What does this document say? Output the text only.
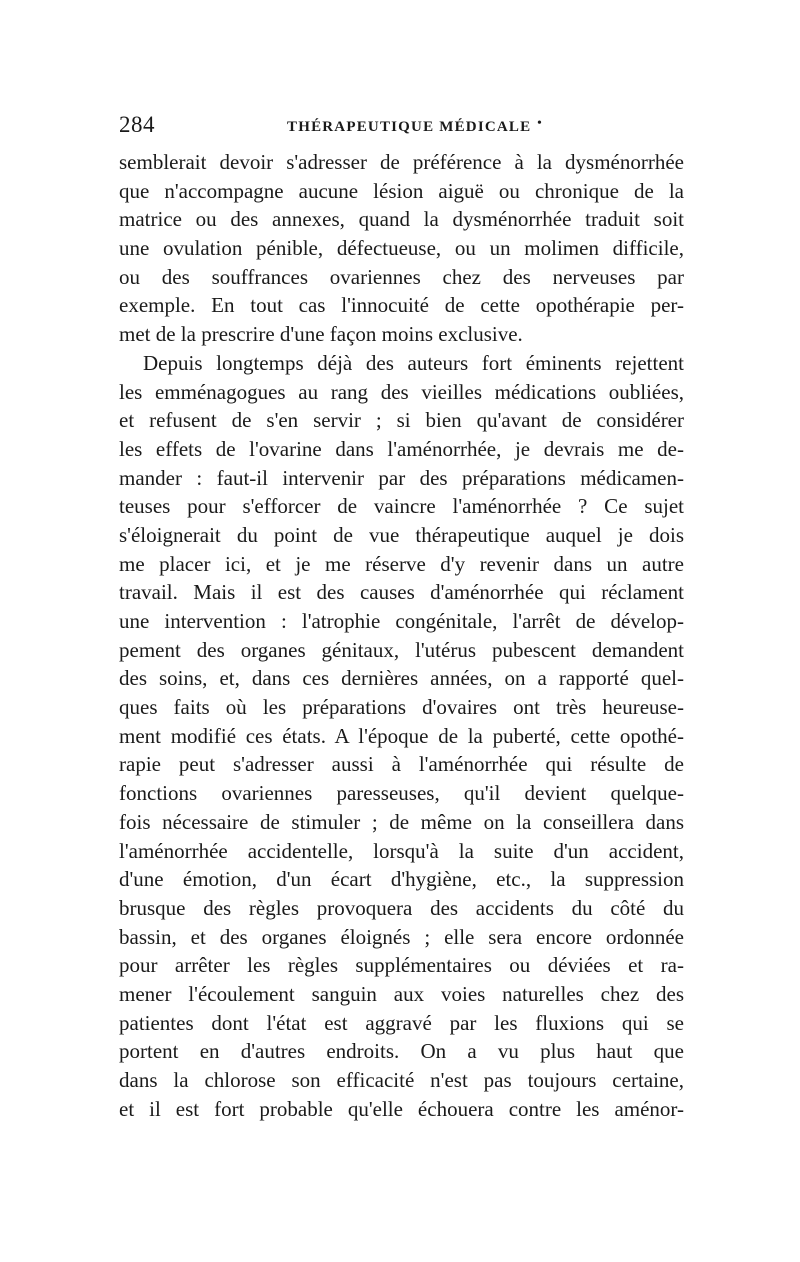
284	THÉRAPEUTIQUE MÉDICALE •
semblerait devoir s'adresser de préférence à la dysménorrhée
que n'accompagne aucune lésion aiguë ou chronique de la
matrice ou des annexes, quand la dysménorrhée traduit soit
une ovulation pénible, défectueuse, ou un molimen difficile,
ou des souffrances ovariennes chez des nerveuses par
exemple. En tout cas l'innocuité de cette opothérapie per-
met de la prescrire d'une façon moins exclusive.
Depuis longtemps déjà des auteurs fort éminents rejettent
les emménagogues au rang des vieilles médications oubliées,
et refusent de s'en servir ; si bien qu'avant de considérer
les effets de l'ovarine dans l'aménorrhée, je devrais me de-
mander : faut-il intervenir par des préparations médicamen-
teuses pour s'efforcer de vaincre l'aménorrhée ? Ce sujet
s'éloignerait du point de vue thérapeutique auquel je dois
me placer ici, et je me réserve d'y revenir dans un autre
travail. Mais il est des causes d'aménorrhée qui réclament
une intervention : l'atrophie congénitale, l'arrêt de dévelop-
pement des organes génitaux, l'utérus pubescent demandent
des soins, et, dans ces dernières années, on a rapporté quel-
ques faits où les préparations d'ovaires ont très heureuse-
ment modifié ces états. A l'époque de la puberté, cette opothé-
rapie peut s'adresser aussi à l'aménorrhée qui résulte de
fonctions ovariennes paresseuses, qu'il devient quelque-
fois nécessaire de stimuler ; de même on la conseillera dans
l'aménorrhée accidentelle, lorsqu'à la suite d'un accident,
d'une émotion, d'un écart d'hygiène, etc., la suppression
brusque des règles provoquera des accidents du côté du
bassin, et des organes éloignés ; elle sera encore ordonnée
pour arrêter les règles supplémentaires ou déviées et ra-
mener l'écoulement sanguin aux voies naturelles chez des
patientes dont l'état est aggravé par les fluxions qui se
portent en d'autres endroits. On a vu plus haut que
dans la chlorose son efficacité n'est pas toujours certaine,
et il est fort probable qu'elle échouera contre les aménor-
